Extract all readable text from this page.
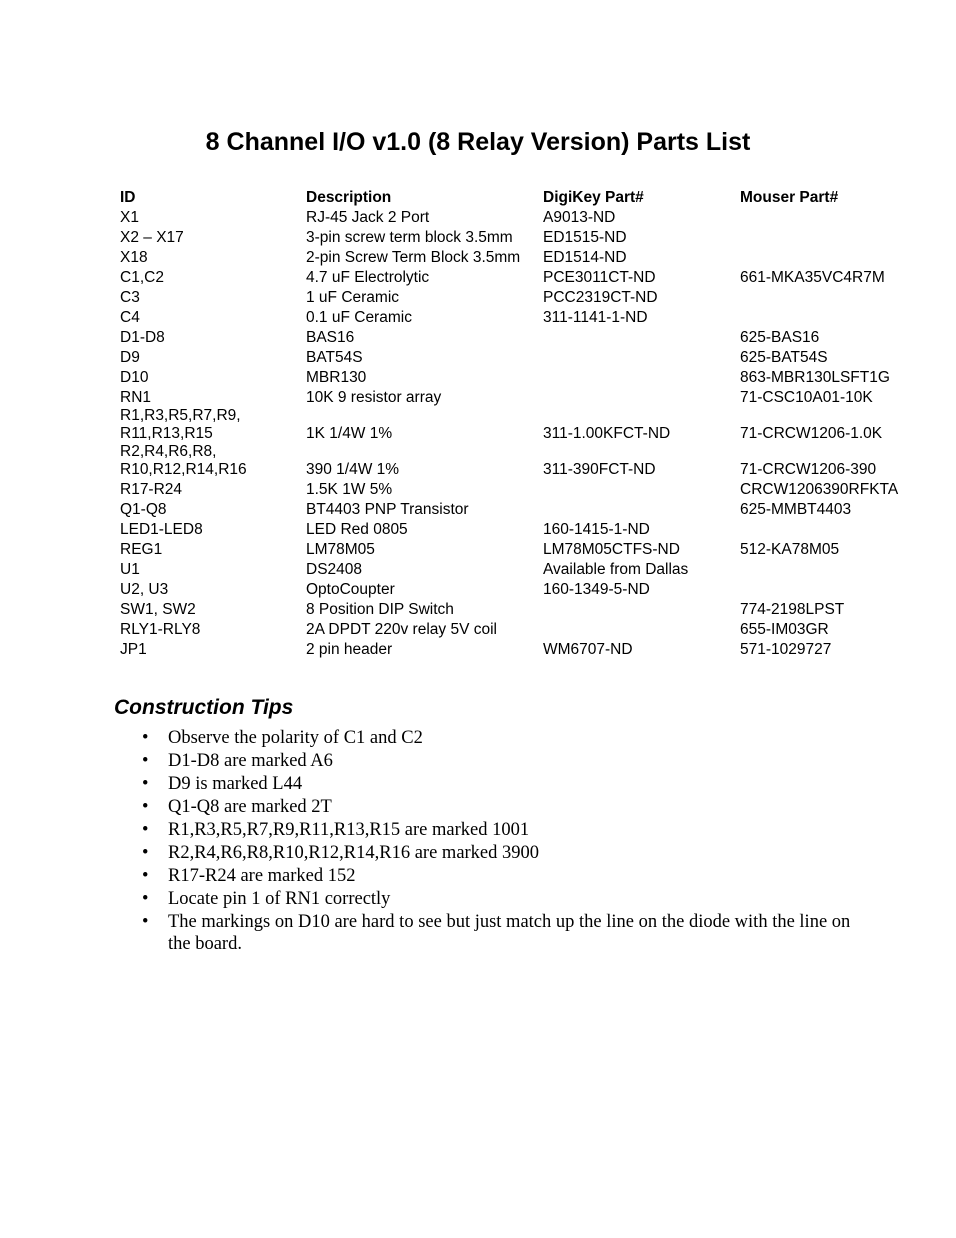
8 Channel I/O v1.0 (8 Relay Version) Parts List
ID	Description	DigiKey Part#	Mouser Part#
X1	RJ-45 Jack 2 Port	A9013-ND	
X2 – X17	3-pin screw term block 3.5mm	ED1515-ND	
X18	2-pin Screw Term Block 3.5mm	ED1514-ND	
C1,C2	4.7 uF Electrolytic	PCE3011CT-ND	661-MKA35VC4R7M
C3	1 uF Ceramic	PCC2319CT-ND	
C4	0.1 uF Ceramic	311-1141-1-ND	
D1-D8	BAS16		625-BAS16
D9	BAT54S		625-BAT54S
D10	MBR130		863-MBR130LSFT1G
RN1	10K 9 resistor array		71-CSC10A01-10K
R1,R3,R5,R7,R9,
R11,R13,R15	1K 1/4W 1%	311-1.00KFCT-ND	71-CRCW1206-1.0K
R2,R4,R6,R8,
R10,R12,R14,R16	390 1/4W 1%	311-390FCT-ND	71-CRCW1206-390
R17-R24	1.5K 1W 5%		CRCW1206390RFKTA
Q1-Q8	BT4403 PNP Transistor		625-MMBT4403
LED1-LED8	LED Red 0805	160-1415-1-ND	
REG1	LM78M05	LM78M05CTFS-ND	512-KA78M05
U1	DS2408	Available from Dallas	
U2, U3	OptoCoupter	160-1349-5-ND	
SW1, SW2	8 Position DIP Switch		774-2198LPST
RLY1-RLY8	2A DPDT 220v relay 5V coil		655-IM03GR
JP1	2 pin header	WM6707-ND	571-1029727
Construction Tips
• Observe the polarity of C1 and C2
• D1-D8 are marked A6
• D9 is marked L44
• Q1-Q8 are marked 2T
• R1,R3,R5,R7,R9,R11,R13,R15 are marked 1001
• R2,R4,R6,R8,R10,R12,R14,R16 are marked 3900
• R17-R24 are marked 152
• Locate pin 1 of RN1 correctly
• The markings on D10 are hard to see but just match up the line on the diode with the line on the board.
